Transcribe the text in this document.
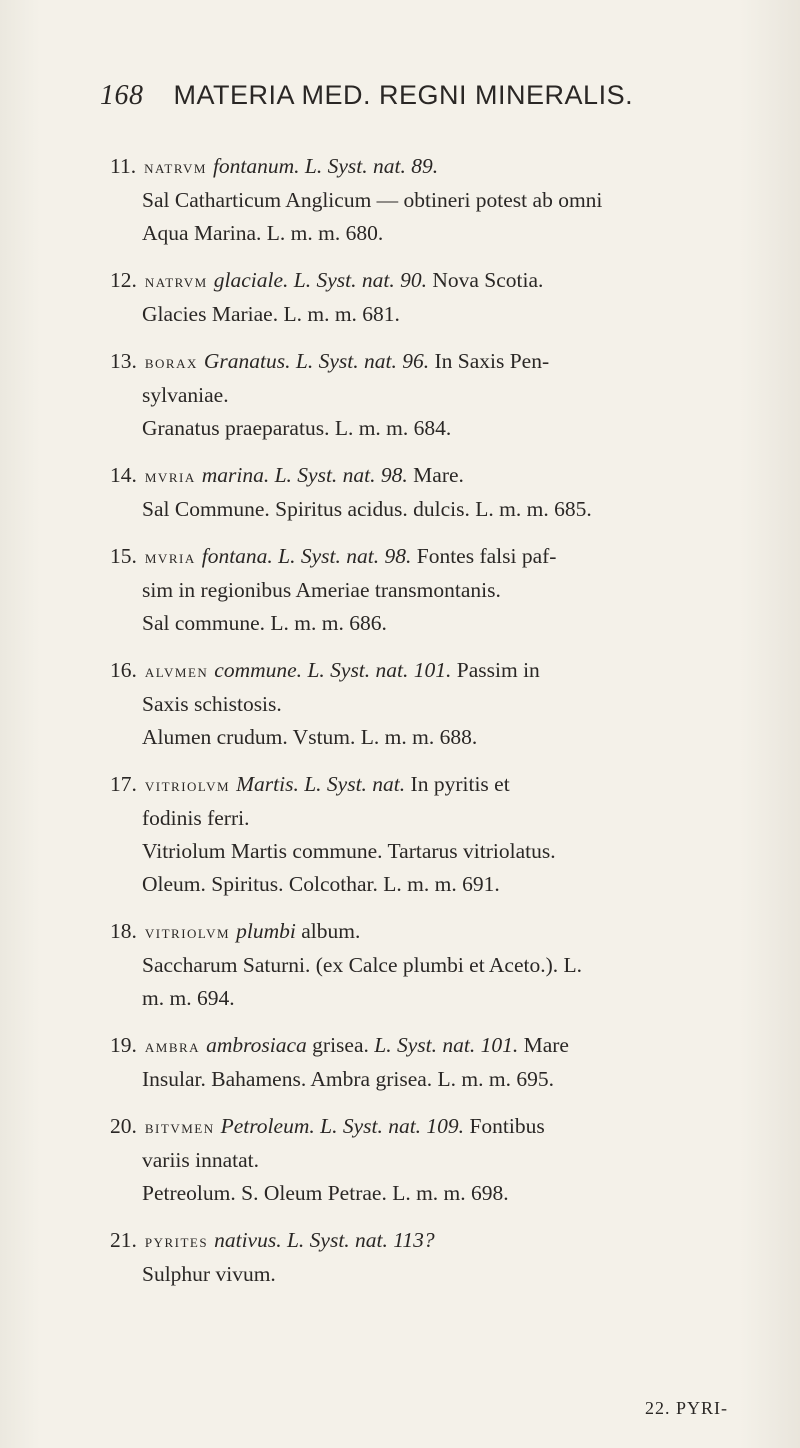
168 MATERIA MED. REGNI MINERALIS.
11. natrvm fontanum. L. Syst. nat. 89.
Sal Catharticum Anglicum — obtineri potest ab omni
Aqua Marina. L. m. m. 680.
12. natrvm glaciale. L. Syst. nat. 90. Nova Scotia.
Glacies Mariae. L. m. m. 681.
13. borax Granatus. L. Syst. nat. 96. In Saxis Pen-
sylvaniae.
Granatus praeparatus. L. m. m. 684.
14. mvria marina. L. Syst. nat. 98. Mare.
Sal Commune. Spiritus acidus. dulcis. L. m. m. 685.
15. mvria fontana. L. Syst. nat. 98. Fontes falsi paf-
sim in regionibus Ameriae transmontanis.
Sal commune. L. m. m. 686.
16. alvmen commune. L. Syst. nat. 101. Passim in
Saxis schistosis.
Alumen crudum. Vstum. L. m. m. 688.
17. vitriolvm Martis. L. Syst. nat. In pyritis et
fodinis ferri.
Vitriolum Martis commune. Tartarus vitriolatus.
Oleum. Spiritus. Colcothar. L. m. m. 691.
18. vitriolvm plumbi album.
Saccharum Saturni. (ex Calce plumbi et Aceto.). L.
m. m. 694.
19. ambra ambrosiaca grisea. L. Syst. nat. 101. Mare
Insular. Bahamens. Ambra grisea. L. m. m. 695.
20. bitvmen Petroleum. L. Syst. nat. 109. Fontibus
variis innatat.
Petreolum. S. Oleum Petrae. L. m. m. 698.
21. pyrites nativus. L. Syst. nat. 113?
Sulphur vivum.
22. PYRI-
